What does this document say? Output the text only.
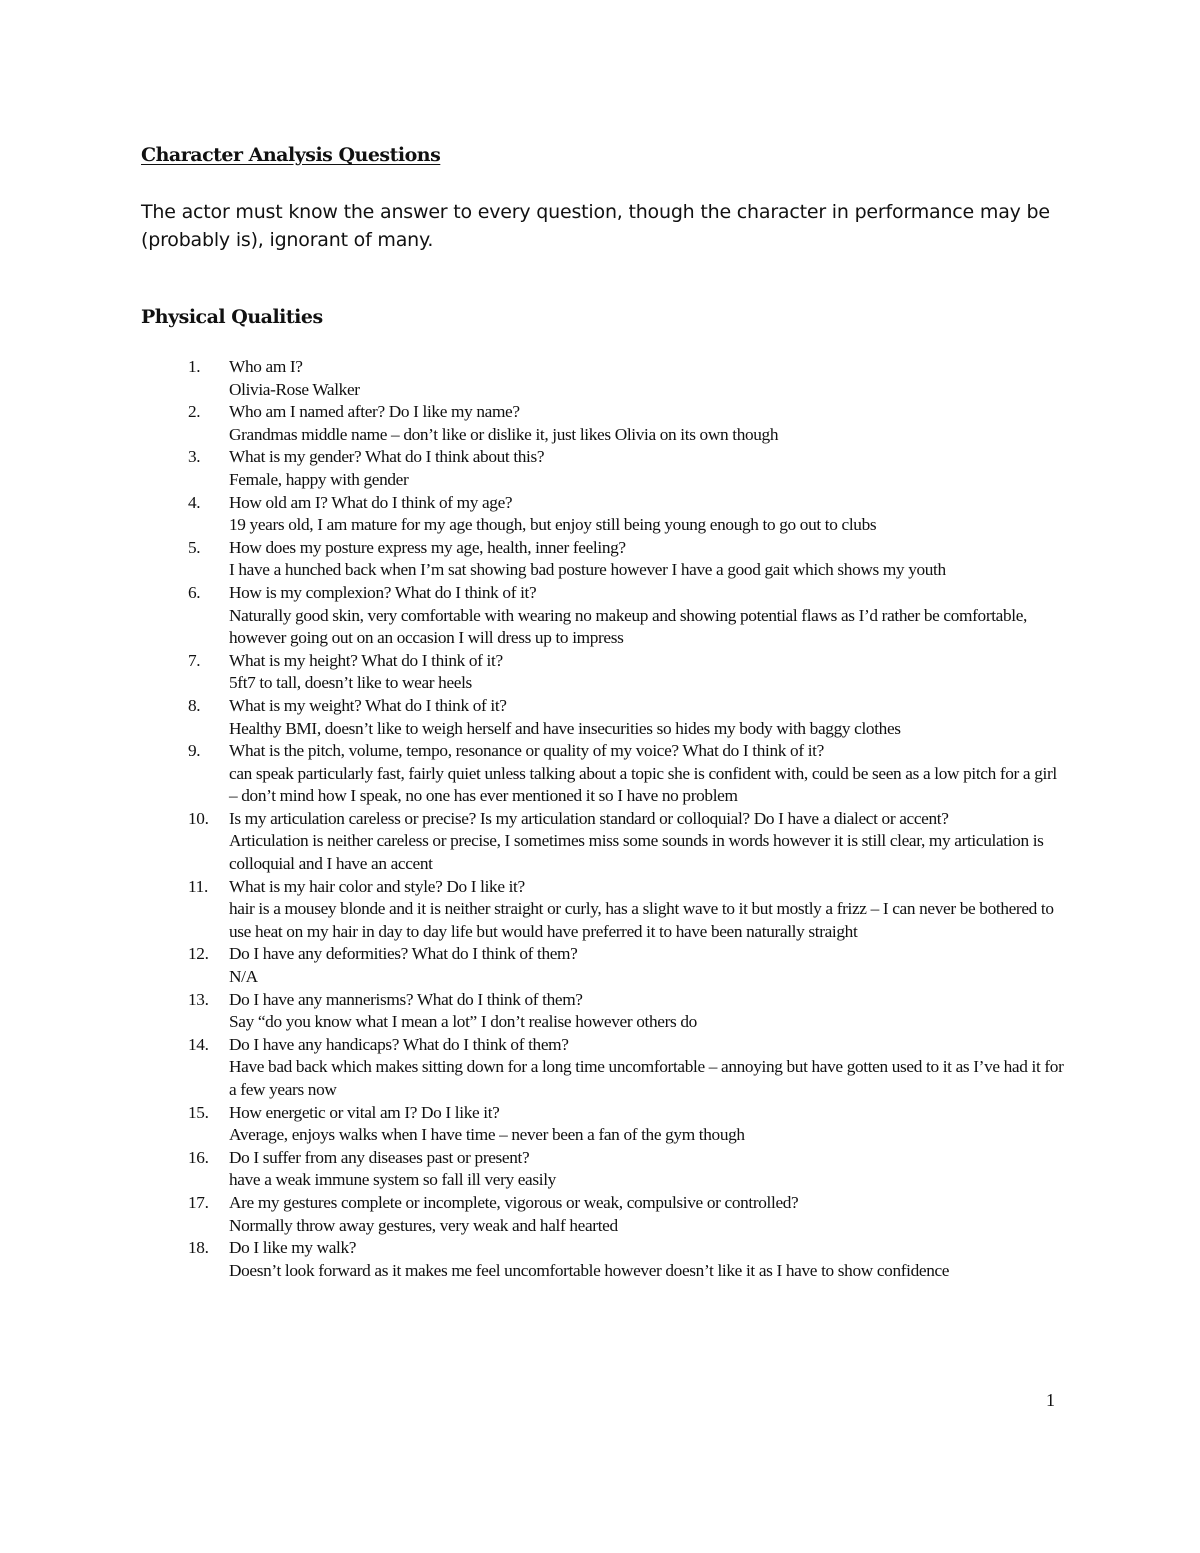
Character Analysis Questions

The actor must know the answer to every question, though the character in performance may be (probably is), ignorant of many.

Physical Qualities
1.	Who am I?
Olivia-Rose Walker
2.	Who am I named after? Do I like my name?
Grandmas middle name – don’t like or dislike it, just likes Olivia on its own though
3.	What is my gender? What do I think about this?
Female, happy with gender
4.	How old am I? What do I think of my age?
19 years old, I am mature for my age though, but enjoy still being young enough to go out to clubs
5.	How does my posture express my age, health, inner feeling?
I have a hunched back when I’m sat showing bad posture however I have a good gait which shows my youth
6.	How is my complexion? What do I think of it?
Naturally good skin, very comfortable with wearing no makeup and showing potential flaws as I’d rather be comfortable, however going out on an occasion I will dress up to impress
7.	What is my height? What do I think of it?
5ft7 to tall, doesn’t like to wear heels
8.	What is my weight? What do I think of it?
Healthy BMI, doesn’t like to weigh herself and have insecurities so hides my body with baggy clothes
9.	What is the pitch, volume, tempo, resonance or quality of my voice? What do I think of it?
can speak particularly fast, fairly quiet unless talking about a topic she is confident with, could be seen as a low pitch for a girl – don’t mind how I speak, no one has ever mentioned it so I have no problem
10.	Is my articulation careless or precise? Is my articulation standard or colloquial? Do I have a dialect or accent?
Articulation is neither careless or precise, I sometimes miss some sounds in words however it is still clear, my articulation is colloquial and I have an accent
11.	What is my hair color and style? Do I like it?
hair is a mousey blonde and it is neither straight or curly, has a slight wave to it but mostly a frizz – I can never be bothered to use heat on my hair in day to day life but would have preferred it to have been naturally straight
12.	Do I have any deformities? What do I think of them?
N/A
13.	Do I have any mannerisms? What do I think of them?
Say “do you know what I mean a lot” I don’t realise however others do
14.	Do I have any handicaps? What do I think of them?
Have bad back which makes sitting down for a long time uncomfortable – annoying but have gotten used to it as I’ve had it for a few years now
15.	How energetic or vital am I? Do I like it?
Average, enjoys walks when I have time – never been a fan of the gym though
16.	Do I suffer from any diseases past or present?
have a weak immune system so fall ill very easily
17.	Are my gestures complete or incomplete, vigorous or weak, compulsive or controlled?
Normally throw away gestures, very weak and half hearted
18.	Do I like my walk?
Doesn’t look forward as it makes me feel uncomfortable however doesn’t like it as I have to show confidence
1
